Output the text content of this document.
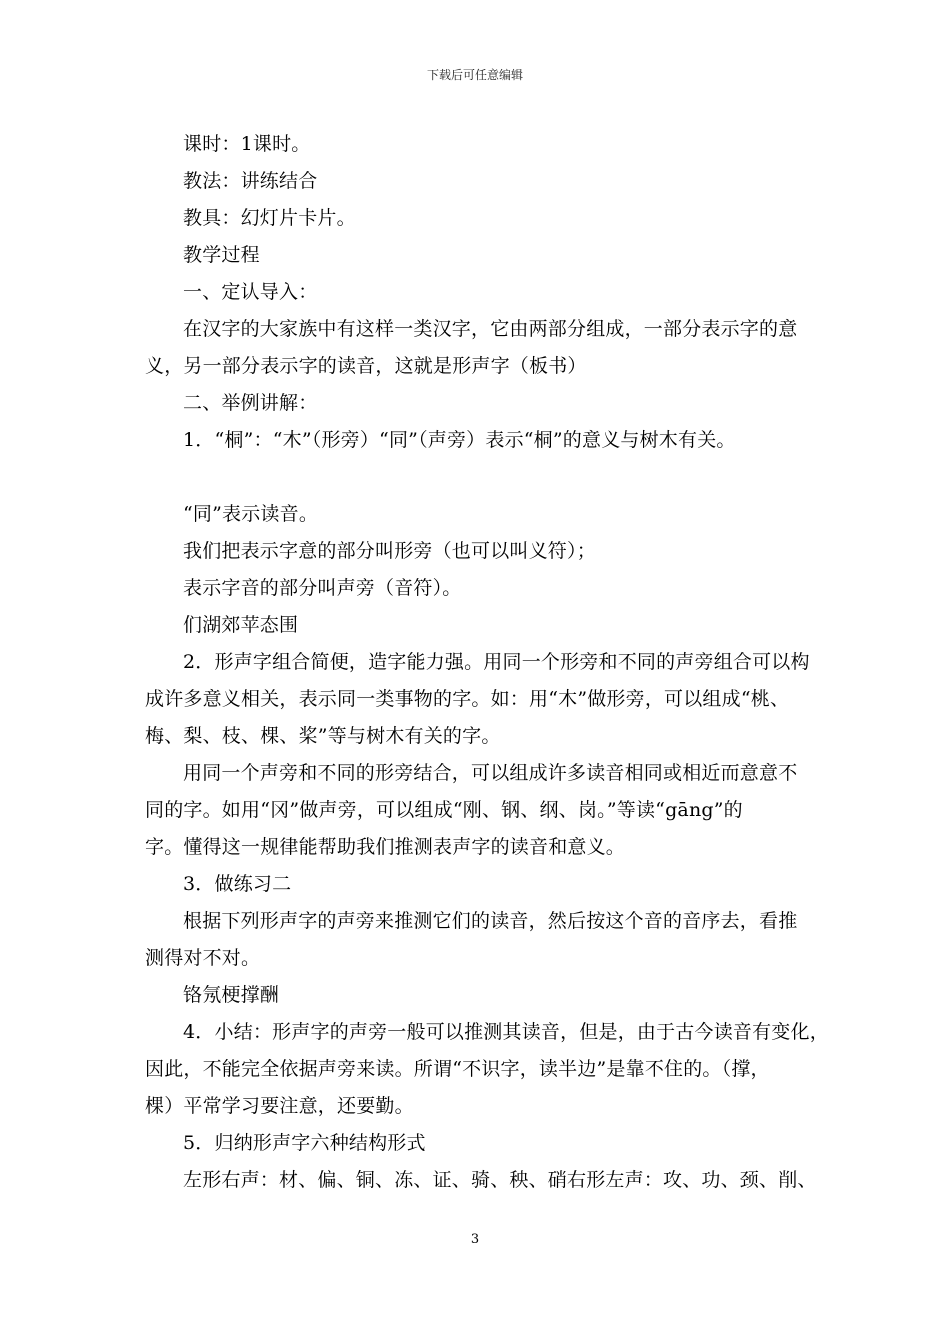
下载后可任意编辑
课时：1课时。
教法：讲练结合
教具：幻灯片卡片。
教学过程
一、定认导入：
在汉字的大家族中有这样一类汉字，它由两部分组成，一部分表示字的意
义，另一部分表示字的读音，这就是形声字（板书）
二、举例讲解：
1．“桐”：“木”（形旁）“同”（声旁）表示“桐”的意义与树木有关。
“同”表示读音。
我们把表示字意的部分叫形旁（也可以叫义符）；
表示字音的部分叫声旁（音符）。
们湖郊苹态围
2．形声字组合简便，造字能力强。用同一个形旁和不同的声旁组合可以构
成许多意义相关，表示同一类事物的字。如：用“木”做形旁，可以组成“桃、
梅、梨、枝、棵、桨”等与树木有关的字。
用同一个声旁和不同的形旁结合，可以组成许多读音相同或相近而意意不
同的字。如用“冈”做声旁，可以组成“刚、钢、纲、岗。”等读“gāng”的
字。懂得这一规律能帮助我们推测表声字的读音和意义。
3．做练习二
根据下列形声字的声旁来推测它们的读音，然后按这个音的音序去，看推
测得对不对。
铬氖梗撑酬
4．小结：形声字的声旁一般可以推测其读音，但是，由于古今读音有变化，
因此，不能完全依据声旁来读。所谓“不识字，读半边”是靠不住的。（撑，
棵）平常学习要注意，还要勤。
5．归纳形声字六种结构形式
左形右声：材、偏、铜、冻、证、骑、秧、硝右形左声：攻、功、颈、削、
3
